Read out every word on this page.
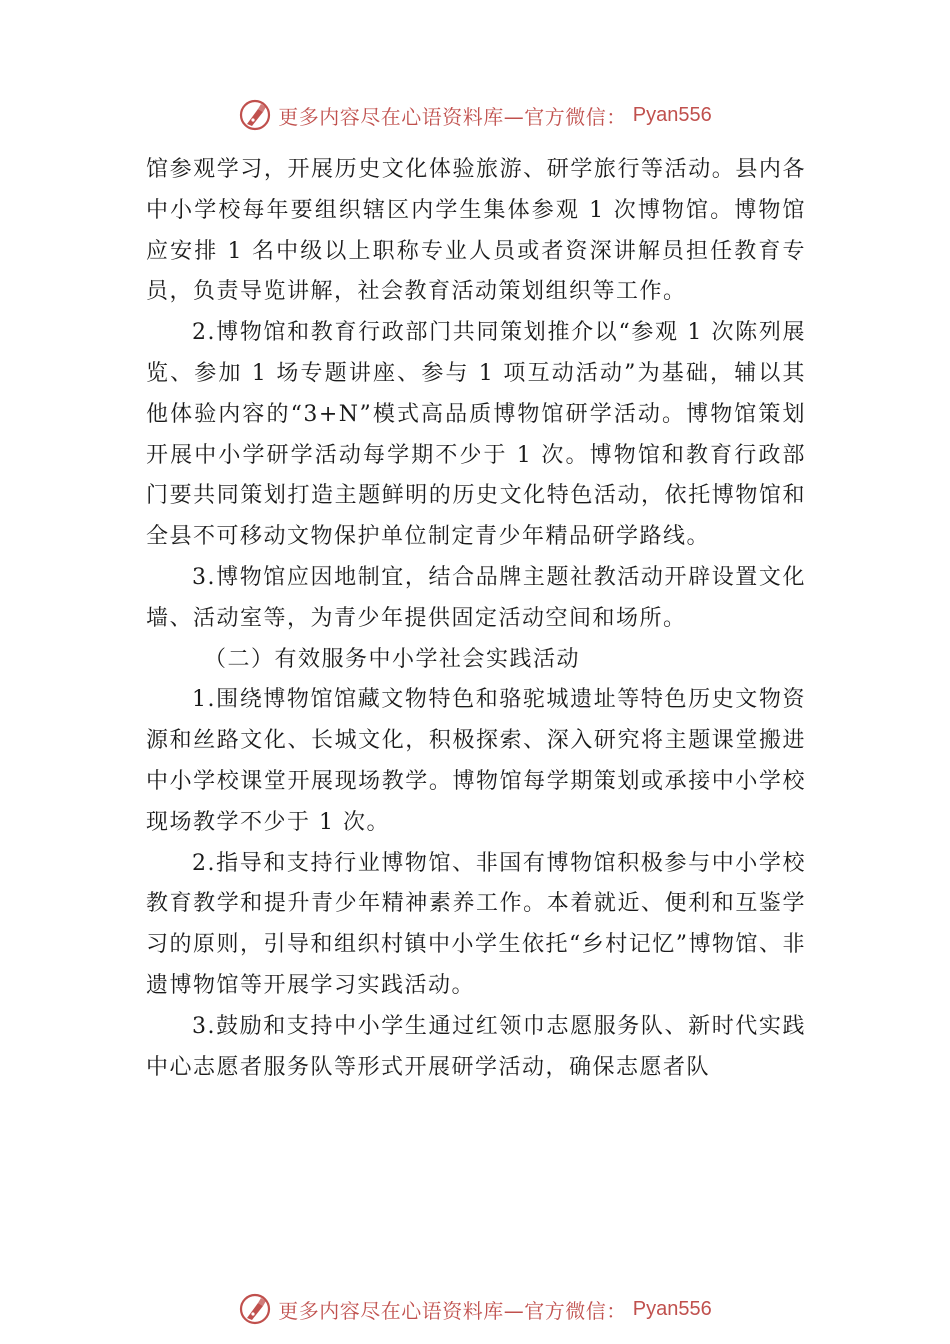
更多内容尽在心语资料库—官方微信： Pyan556

馆参观学习，开展历史文化体验旅游、研学旅行等活动。县内各中小学校每年要组织辖区内学生集体参观 1 次博物馆。博物馆应安排 1 名中级以上职称专业人员或者资深讲解员担任教育专员，负责导览讲解，社会教育活动策划组织等工作。

2.博物馆和教育行政部门共同策划推介以“参观 1 次陈列展览、参加 1 场专题讲座、参与 1 项互动活动”为基础，辅以其他体验内容的“3+N”模式高品质博物馆研学活动。博物馆策划开展中小学研学活动每学期不少于 1 次。博物馆和教育行政部门要共同策划打造主题鲜明的历史文化特色活动，依托博物馆和全县不可移动文物保护单位制定青少年精品研学路线。

3.博物馆应因地制宜，结合品牌主题社教活动开辟设置文化墙、活动室等，为青少年提供固定活动空间和场所。

（二）有效服务中小学社会实践活动

1.围绕博物馆馆藏文物特色和骆驼城遗址等特色历史文物资源和丝路文化、长城文化，积极探索、深入研究将主题课堂搬进中小学校课堂开展现场教学。博物馆每学期策划或承接中小学校现场教学不少于 1 次。

2.指导和支持行业博物馆、非国有博物馆积极参与中小学校教育教学和提升青少年精神素养工作。本着就近、便利和互鉴学习的原则，引导和组织村镇中小学生依托“乡村记忆”博物馆、非遗博物馆等开展学习实践活动。

3.鼓励和支持中小学生通过红领巾志愿服务队、新时代实践中心志愿者服务队等形式开展研学活动，确保志愿者队

更多内容尽在心语资料库—官方微信： Pyan556
